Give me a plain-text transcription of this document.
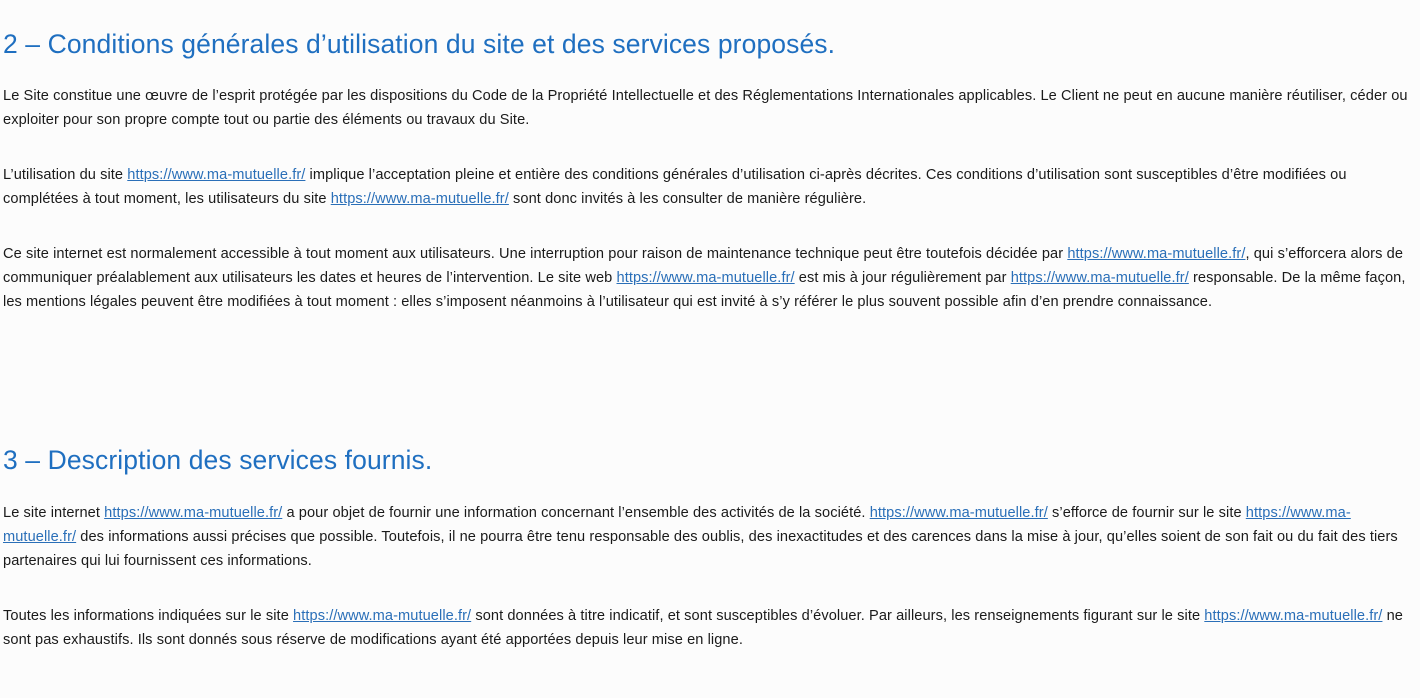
2 – Conditions générales d’utilisation du site et des services proposés.

Le Site constitue une œuvre de l’esprit protégée par les dispositions du Code de la Propriété Intellectuelle et des Réglementations Internationales applicables. Le Client ne peut en aucune manière réutiliser, céder ou exploiter pour son propre compte tout ou partie des éléments ou travaux du Site.

L’utilisation du site https://www.ma-mutuelle.fr/ implique l’acceptation pleine et entière des conditions générales d’utilisation ci-après décrites. Ces conditions d’utilisation sont susceptibles d’être modifiées ou complétées à tout moment, les utilisateurs du site https://www.ma-mutuelle.fr/ sont donc invités à les consulter de manière régulière.

Ce site internet est normalement accessible à tout moment aux utilisateurs. Une interruption pour raison de maintenance technique peut être toutefois décidée par https://www.ma-mutuelle.fr/, qui s’efforcera alors de communiquer préalablement aux utilisateurs les dates et heures de l’intervention. Le site web https://www.ma-mutuelle.fr/ est mis à jour régulièrement par https://www.ma-mutuelle.fr/ responsable. De la même façon, les mentions légales peuvent être modifiées à tout moment : elles s’imposent néanmoins à l’utilisateur qui est invité à s’y référer le plus souvent possible afin d’en prendre connaissance.

3 – Description des services fournis.

Le site internet https://www.ma-mutuelle.fr/ a pour objet de fournir une information concernant l’ensemble des activités de la société. https://www.ma-mutuelle.fr/ s’efforce de fournir sur le site https://www.ma-mutuelle.fr/ des informations aussi précises que possible. Toutefois, il ne pourra être tenu responsable des oublis, des inexactitudes et des carences dans la mise à jour, qu’elles soient de son fait ou du fait des tiers partenaires qui lui fournissent ces informations.

Toutes les informations indiquées sur le site https://www.ma-mutuelle.fr/ sont données à titre indicatif, et sont susceptibles d’évoluer. Par ailleurs, les renseignements figurant sur le site https://www.ma-mutuelle.fr/ ne sont pas exhaustifs. Ils sont donnés sous réserve de modifications ayant été apportées depuis leur mise en ligne.
